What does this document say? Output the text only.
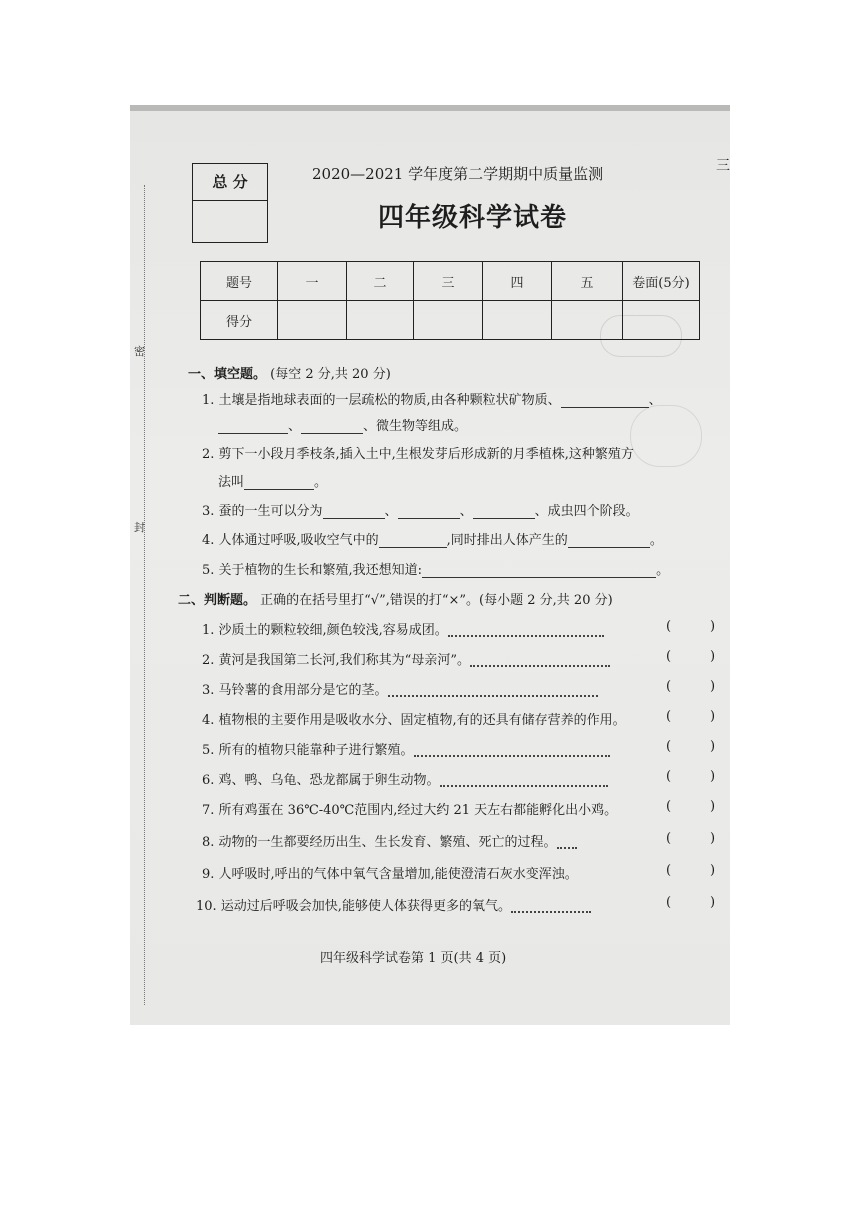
密
封
三
总 分	2020—2021 学年度第二学期期中质量监测
四年级科学试卷
题号	一	二	三	四	五	卷面(5分)
得分						
一、填空题。 (每空 2 分,共 20 分)
1. 土壤是指地球表面的一层疏松的物质,由各种颗粒状矿物质、	、
、	、微生物等组成。
2. 剪下一小段月季枝条,插入土中,生根发芽后形成新的月季植株,这种繁殖方
法叫	。
3. 蚕的一生可以分为	、	、	、成虫四个阶段。
4. 人体通过呼吸,吸收空气中的	,同时排出人体产生的	。
5. 关于植物的生长和繁殖,我还想知道:	。
二、判断题。 正确的在括号里打“√”,错误的打“×”。(每小题 2 分,共 20 分)
1. 沙质土的颗粒较细,颜色较浅,容易成团。	(	)
2. 黄河是我国第二长河,我们称其为“母亲河”。	(	)
3. 马铃薯的食用部分是它的茎。	(	)
4. 植物根的主要作用是吸收水分、固定植物,有的还具有储存营养的作用。	(	)
5. 所有的植物只能靠种子进行繁殖。	(	)
6. 鸡、鸭、乌龟、恐龙都属于卵生动物。	(	)
7. 所有鸡蛋在 36℃-40℃范围内,经过大约 21 天左右都能孵化出小鸡。	(	)
8. 动物的一生都要经历出生、生长发育、繁殖、死亡的过程。	(	)
9. 人呼吸时,呼出的气体中氧气含量增加,能使澄清石灰水变浑浊。	(	)
10. 运动过后呼吸会加快,能够使人体获得更多的氧气。	(	)
四年级科学试卷第 1 页(共 4 页)
